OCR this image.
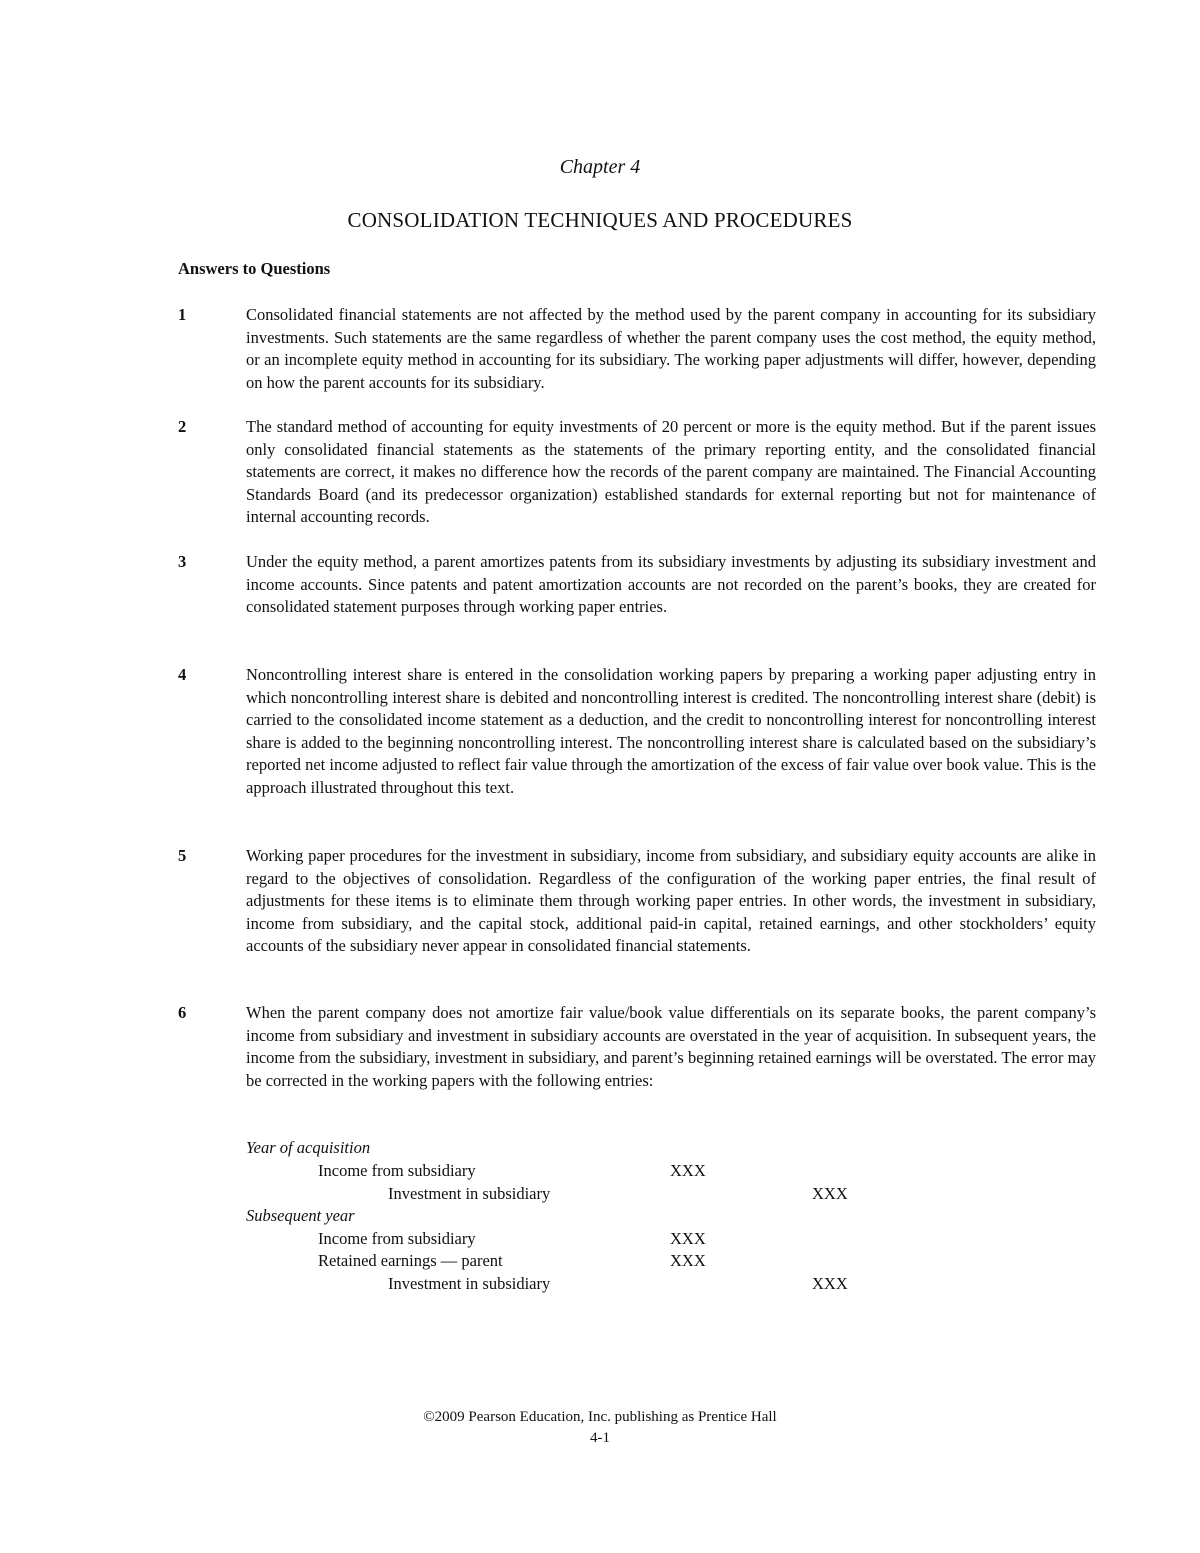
Chapter 4
CONSOLIDATION TECHNIQUES AND PROCEDURES
Answers to Questions
1	Consolidated financial statements are not affected by the method used by the parent company in accounting for its subsidiary investments. Such statements are the same regardless of whether the parent company uses the cost method, the equity method, or an incomplete equity method in accounting for its subsidiary. The working paper adjustments will differ, however, depending on how the parent accounts for its subsidiary.
2	The standard method of accounting for equity investments of 20 percent or more is the equity method. But if the parent issues only consolidated financial statements as the statements of the primary reporting entity, and the consolidated financial statements are correct, it makes no difference how the records of the parent company are maintained. The Financial Accounting Standards Board (and its predecessor organization) established standards for external reporting but not for maintenance of internal accounting records.
3	Under the equity method, a parent amortizes patents from its subsidiary investments by adjusting its subsidiary investment and income accounts. Since patents and patent amortization accounts are not recorded on the parent’s books, they are created for consolidated statement purposes through working paper entries.
4	Noncontrolling interest share is entered in the consolidation working papers by preparing a working paper adjusting entry in which noncontrolling interest share is debited and noncontrolling interest is credited. The noncontrolling interest share (debit) is carried to the consolidated income statement as a deduction, and the credit to noncontrolling interest for noncontrolling interest share is added to the beginning noncontrolling interest. The noncontrolling interest share is calculated based on the subsidiary’s reported net income adjusted to reflect fair value through the amortization of the excess of fair value over book value. This is the approach illustrated throughout this text.
5	Working paper procedures for the investment in subsidiary, income from subsidiary, and subsidiary equity accounts are alike in regard to the objectives of consolidation. Regardless of the configuration of the working paper entries, the final result of adjustments for these items is to eliminate them through working paper entries. In other words, the investment in subsidiary, income from subsidiary, and the capital stock, additional paid-in capital, retained earnings, and other stockholders’ equity accounts of the subsidiary never appear in consolidated financial statements.
6	When the parent company does not amortize fair value/book value differentials on its separate books, the parent company’s income from subsidiary and investment in subsidiary accounts are overstated in the year of acquisition. In subsequent years, the income from the subsidiary, investment in subsidiary, and parent’s beginning retained earnings will be overstated. The error may be corrected in the working papers with the following entries:
Year of acquisition
Income from subsidiary	XXX
Investment in subsidiary	XXX
Subsequent year
Income from subsidiary	XXX
Retained earnings — parent	XXX
Investment in subsidiary	XXX
©2009 Pearson Education, Inc. publishing as Prentice Hall
4-1
